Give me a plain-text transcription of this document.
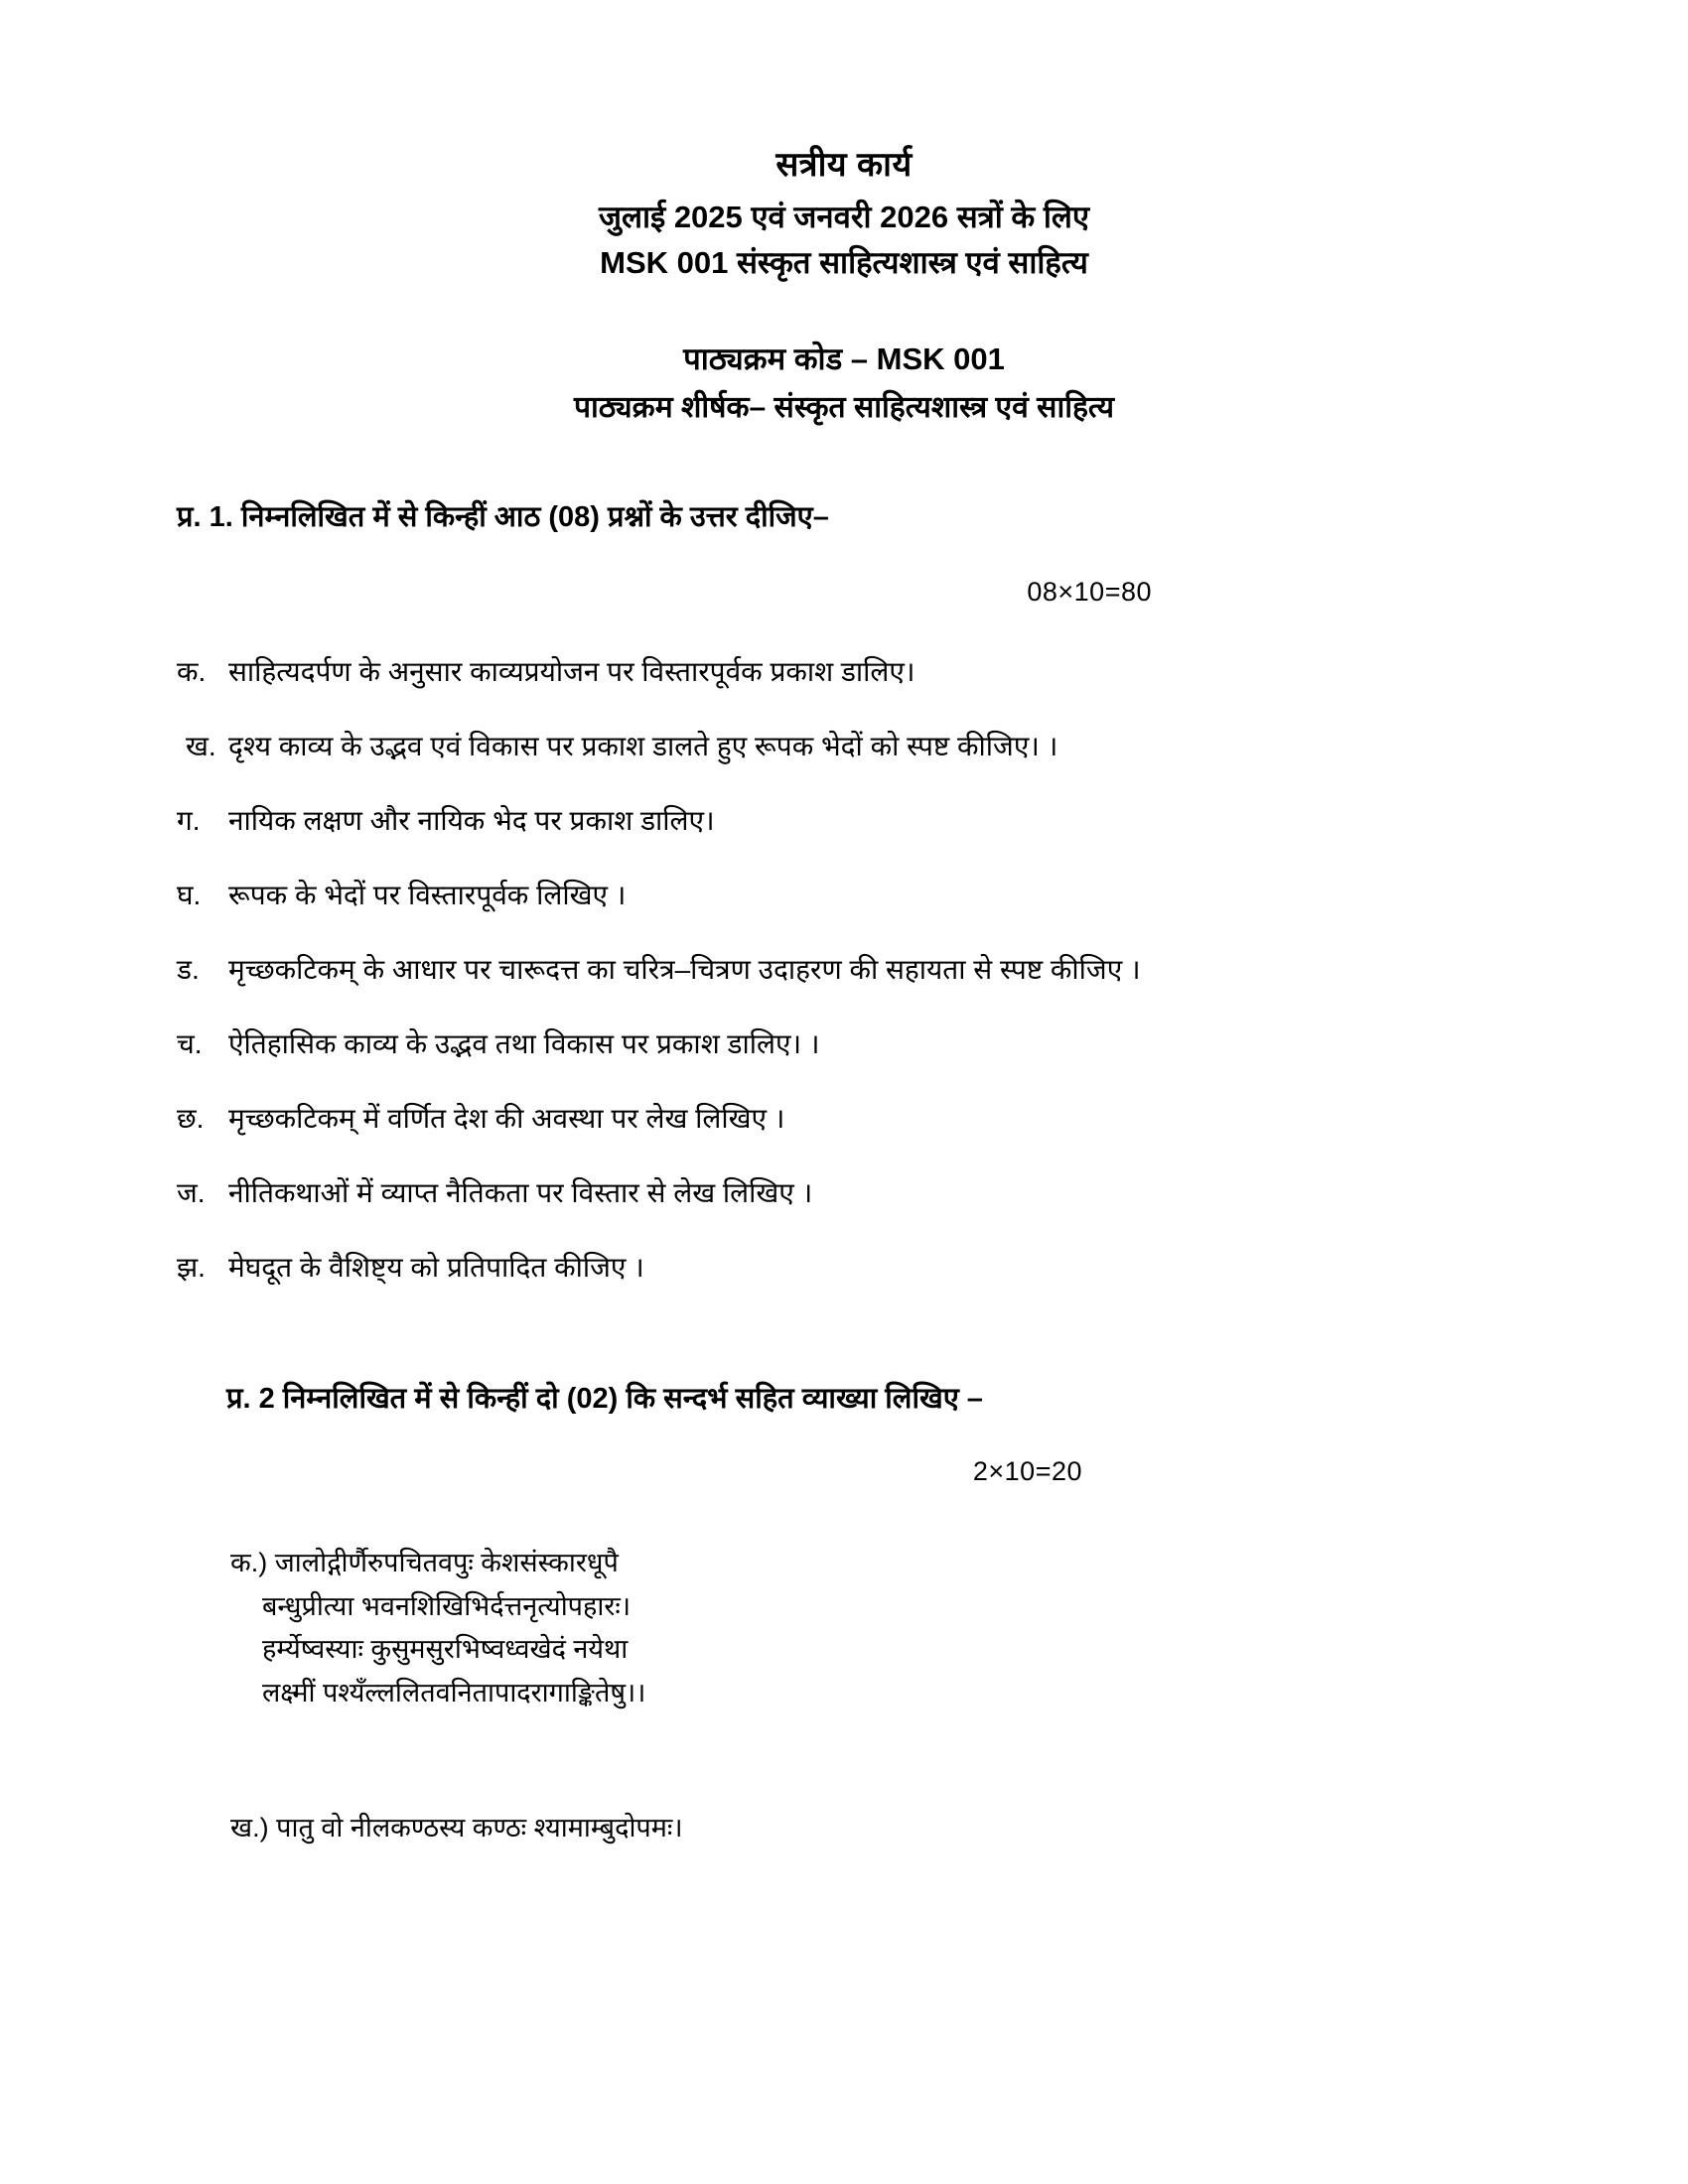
सत्रीय कार्य
जुलाई 2025 एवं जनवरी 2026 सत्रों के लिए
MSK 001 संस्कृत साहित्यशास्त्र एवं साहित्य
पाठ्यक्रम कोड – MSK 001
पाठ्यक्रम शीर्षक– संस्कृत साहित्यशास्त्र एवं साहित्य
प्र. 1. निम्नलिखित में से किन्हीं आठ (08) प्रश्नों के उत्तर दीजिए–
08×10=80
क. साहित्यदर्पण के अनुसार काव्यप्रयोजन पर विस्तारपूर्वक प्रकाश डालिए।
ख. दृश्य काव्य के उद्भव एवं विकास पर प्रकाश डालते हुए रूपक भेदों को स्पष्ट कीजिए। ।
ग.	नायिक लक्षण और नायिक भेद पर प्रकाश डालिए।
घ. रूपक के भेदों पर विस्तारपूर्वक लिखिए ।
ड.	मृच्छकटिकम् के आधार पर चारूदत्त का चरित्र–चित्रण उदाहरण की सहायता से स्पष्ट कीजिए ।
च. ऐतिहासिक काव्य के उद्भव तथा विकास पर प्रकाश डालिए। ।
छ. मृच्छकटिकम् में वर्णित देश की अवस्था पर लेख लिखिए ।
ज. नीतिकथाओं में व्याप्त नैतिकता पर विस्तार से लेख लिखिए ।
झ. मेघदूत के वैशिष्ट्य को प्रतिपादित कीजिए ।
प्र. 2 निम्नलिखित में से किन्हीं दो (02) कि सन्दर्भ सहित व्याख्या लिखिए –
2×10=20
क.) जालोद्गीर्णैरुपचितवपुः केशसंस्कारधूपै
बन्धुप्रीत्या भवनशिखिभिर्दत्तनृत्योपहारः।
हर्म्येष्वस्याः कुसुमसुरभिष्वध्वखेदं नयेथा
लक्ष्मीं पश्यँल्ललितवनितापादरागाङ्कितेषु।।
ख.) पातु वो नीलकण्ठस्य कण्ठः श्यामाम्बुदोपमः।
